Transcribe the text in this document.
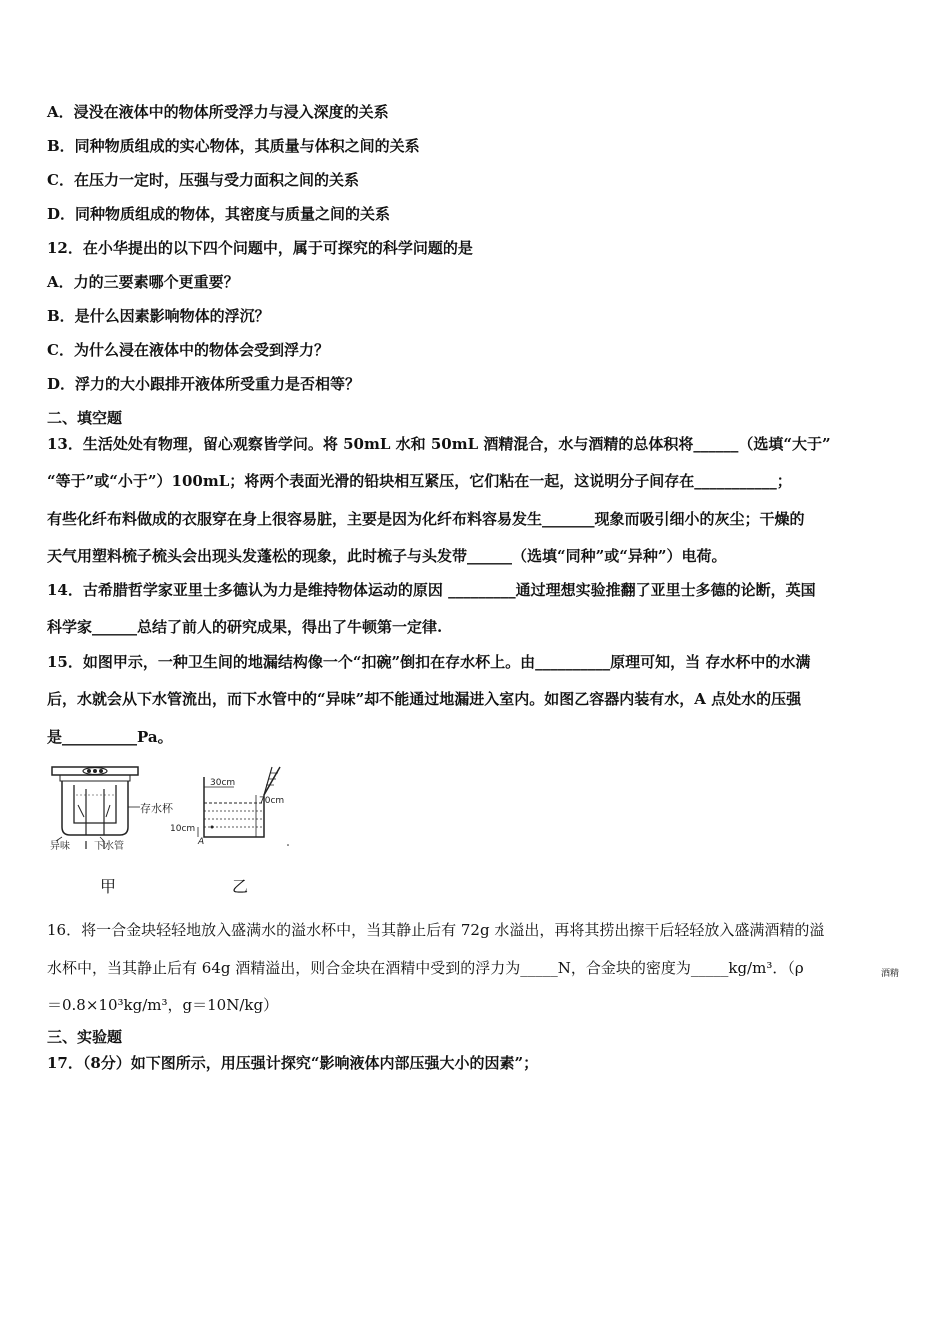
A．浸没在液体中的物体所受浮力与浸入深度的关系
B．同种物质组成的实心物体，其质量与体积之间的关系
C．在压力一定时，压强与受力面积之间的关系
D．同种物质组成的物体，其密度与质量之间的关系
12．在小华提出的以下四个问题中，属于可探究的科学问题的是
A．力的三要素哪个更重要？
B．是什么因素影响物体的浮沉？
C．为什么浸在液体中的物体会受到浮力？
D．浮力的大小跟排开液体所受重力是否相等？
二、填空题
13．生活处处有物理，留心观察皆学问。将 50mL 水和 50mL 酒精混合，水与酒精的总体积将______（选填“大于”
“等于”或“小于”）100mL；将两个表面光滑的铅块相互紧压，它们粘在一起，这说明分子间存在___________；
有些化纤布料做成的衣服穿在身上很容易脏，主要是因为化纤布料容易发生_______现象而吸引细小的灰尘；干燥的
天气用塑料梳子梳头会出现头发蓬松的现象，此时梳子与头发带______（选填“同种”或“异种”）电荷。
14．古希腊哲学家亚里士多德认为力是维持物体运动的原因 _________通过理想实验推翻了亚里士多德的论断，英国
科学家______总结了前人的研究成果，得出了牛顿第一定律.
15．如图甲示，一种卫生间的地漏结构像一个“扣碗”倒扣在存水杯上。由__________原理可知，当 存水杯中的水满
后，水就会从下水管流出，而下水管中的“异味”却不能通过地漏进入室内。如图乙容器内装有水，A 点处水的压强
是__________Pa。
存水杯
异味 下水管
甲
30cm
70cm
10cm
A
乙
16．将一合金块轻轻地放入盛满水的溢水杯中，当其静止后有 72g 水溢出，再将其捞出擦干后轻轻放入盛满酒精的溢
水杯中，当其静止后有 64g 酒精溢出，则合金块在酒精中受到的浮力为_____N，合金块的密度为_____kg/m³．（ρ	酒精
＝0.8×10³kg/m³，g＝10N/kg）
三、实验题
17．（8分）如下图所示，用压强计探究“影响液体内部压强大小的因素”；
